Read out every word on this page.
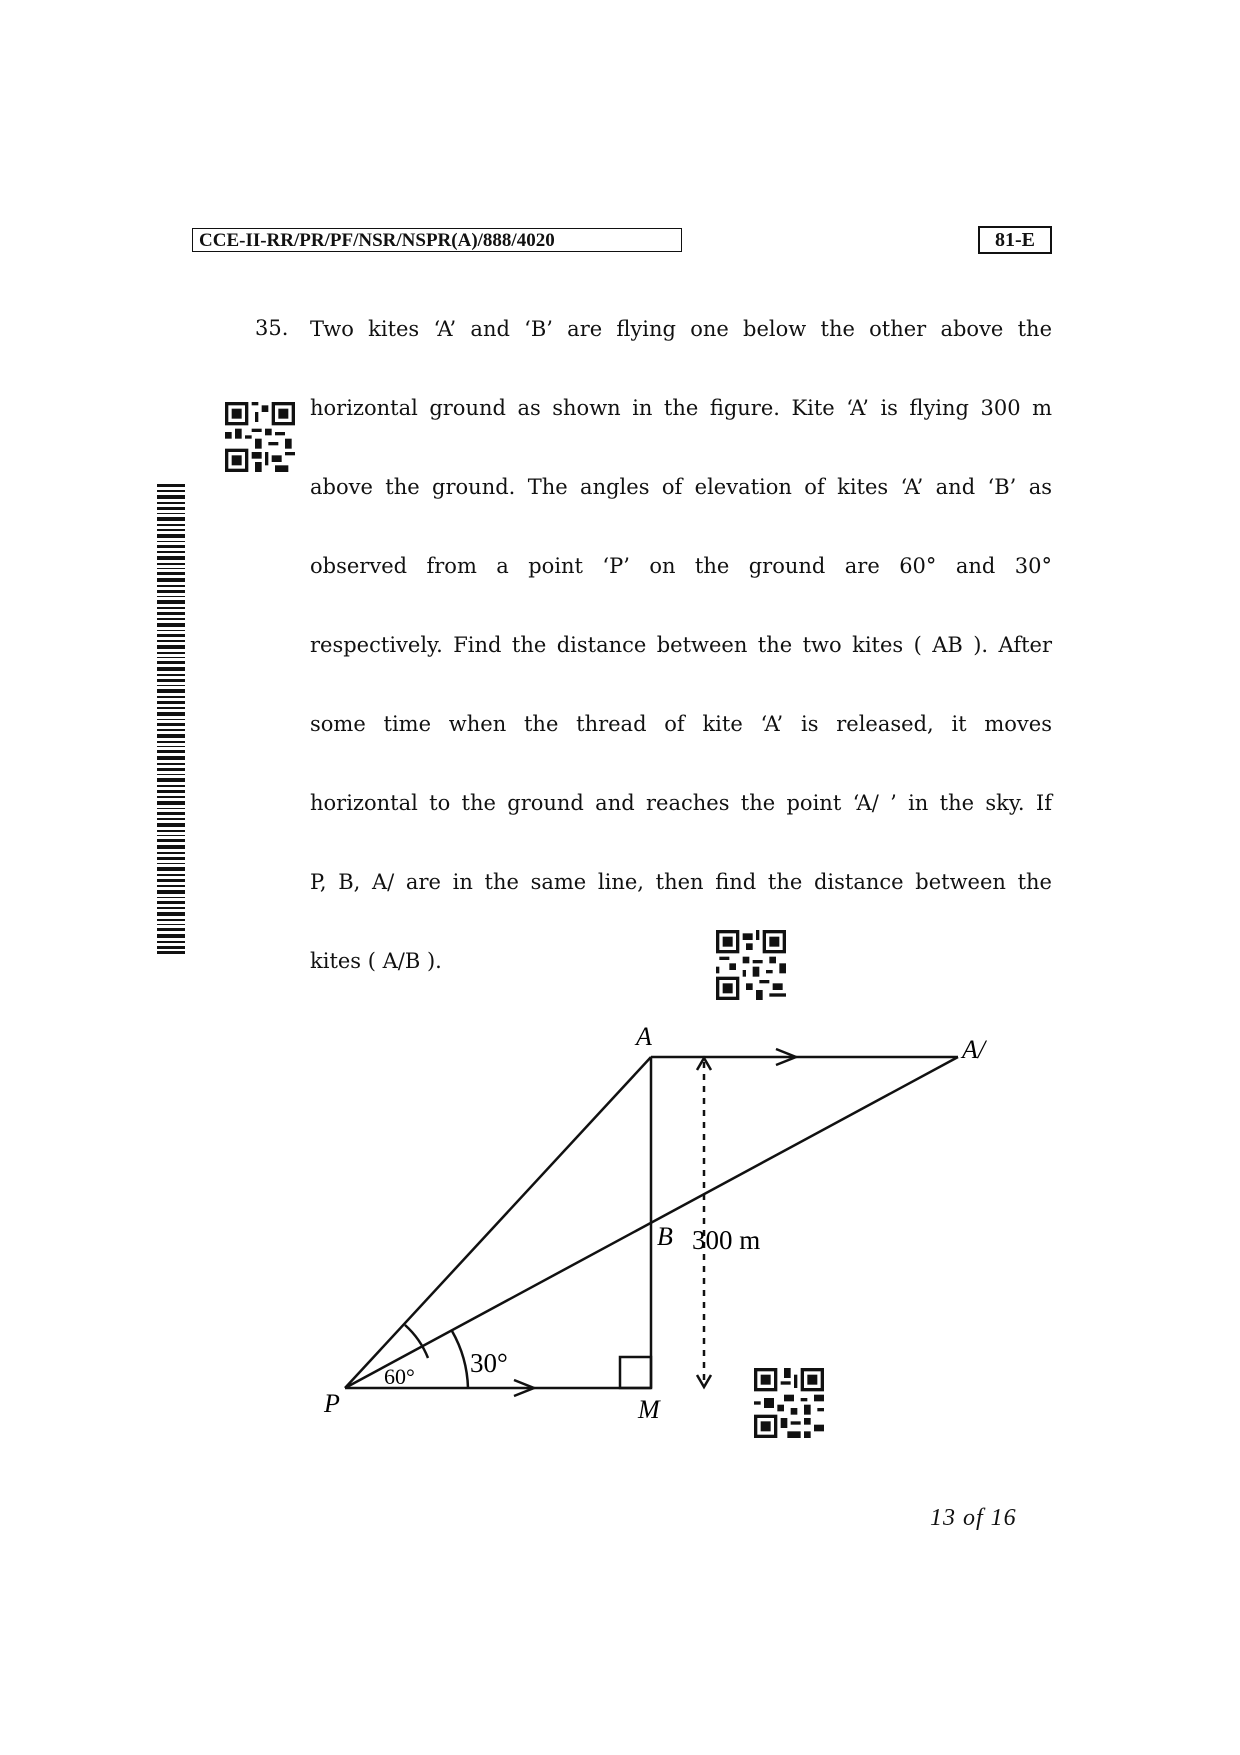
CCE-II-RR/PR/PF/NSR/NSPR(A)/888/4020	81-E
35. Two kites ‘A’ and ‘B’ are flying one below the other above the
horizontal ground as shown in the figure. Kite ‘A’ is flying 300 m
above the ground. The angles of elevation of kites ‘A’ and ‘B’ as
observed from a point ‘P’ on the ground are 60° and 30°
respectively. Find the distance between the two kites ( AB ). After
some time when the thread of kite ‘A’ is released, it moves
horizontal to the ground and reaches the point ‘A/ ’ in the sky. If
P, B, A/ are in the same line, then find the distance between the
kites ( A/B ).
A	A/
B
P	M
300 m
60° 30°
13 of 16
